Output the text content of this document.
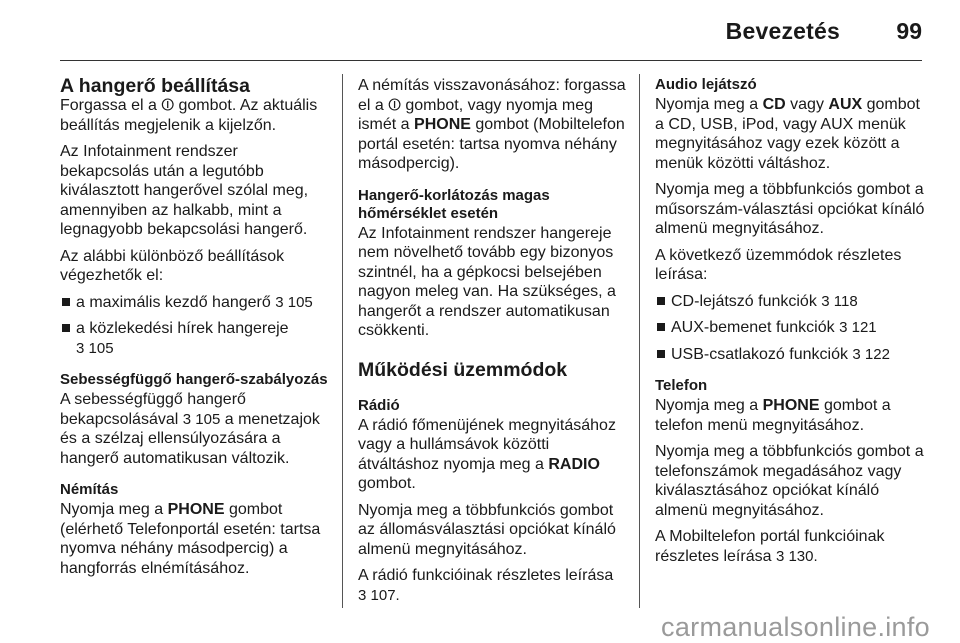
Bevezetés 99
A hangerő beállítása

Forgassa el a ⏼ gombot. Az aktuális beállítás megjelenik a kijelzőn.

Az Infotainment rendszer bekapcsolás után a legutóbb kiválasztott hangerővel szólal meg, amennyiben az halkabb, mint a legnagyobb bekapcsolási hangerő.

Az alábbi különböző beállítások végezhetők el:

a maximális kezdő hangerő 3 105
a közlekedési hírek hangereje
3 105
Sebességfüggő hangerő-szabályozás

A sebességfüggő hangerő bekapcsolásával 3 105 a menetzajok és a szélzaj ellensúlyozására a hangerő automatikusan változik.

Némítás

Nyomja meg a PHONE gombot (elérhető Telefonportál esetén: tartsa nyomva néhány másodpercig) a hangforrás elnémításához.

A némítás visszavonásához: forgassa el a ⏼ gombot, vagy nyomja meg ismét a PHONE gombot (Mobiltelefon portál esetén: tartsa nyomva néhány másodpercig).

Hangerő-korlátozás magas hőmérséklet esetén

Az Infotainment rendszer hangereje nem növelhető tovább egy bizonyos szintnél, ha a gépkocsi belsejében nagyon meleg van. Ha szükséges, a hangerőt a rendszer automatikusan csökkenti.

Működési üzemmódok
Rádió

A rádió főmenüjének megnyitásához vagy a hullámsávok közötti átváltáshoz nyomja meg a RADIO gombot.

Nyomja meg a többfunkciós gombot az állomásválasztási opciókat kínáló almenü megnyitásához.

A rádió funkcióinak részletes leírása
3 107.

Audio lejátszó

Nyomja meg a CD vagy AUX gombot a CD, USB, iPod, vagy AUX menük megnyitásához vagy ezek között a menük közötti váltáshoz.

Nyomja meg a többfunkciós gombot a műsorszám-választási opciókat kínáló almenü megnyitásához.

A következő üzemmódok részletes leírása:

CD-lejátszó funkciók 3 118
AUX-bemenet funkciók 3 121
USB-csatlakozó funkciók 3 122
Telefon

Nyomja meg a PHONE gombot a telefon menü megnyitásához.

Nyomja meg a többfunkciós gombot a telefonszámok megadásához vagy kiválasztásához opciókat kínáló almenü megnyitásához.

A Mobiltelefon portál funkcióinak részletes leírása 3 130.

carmanualsonline.info
